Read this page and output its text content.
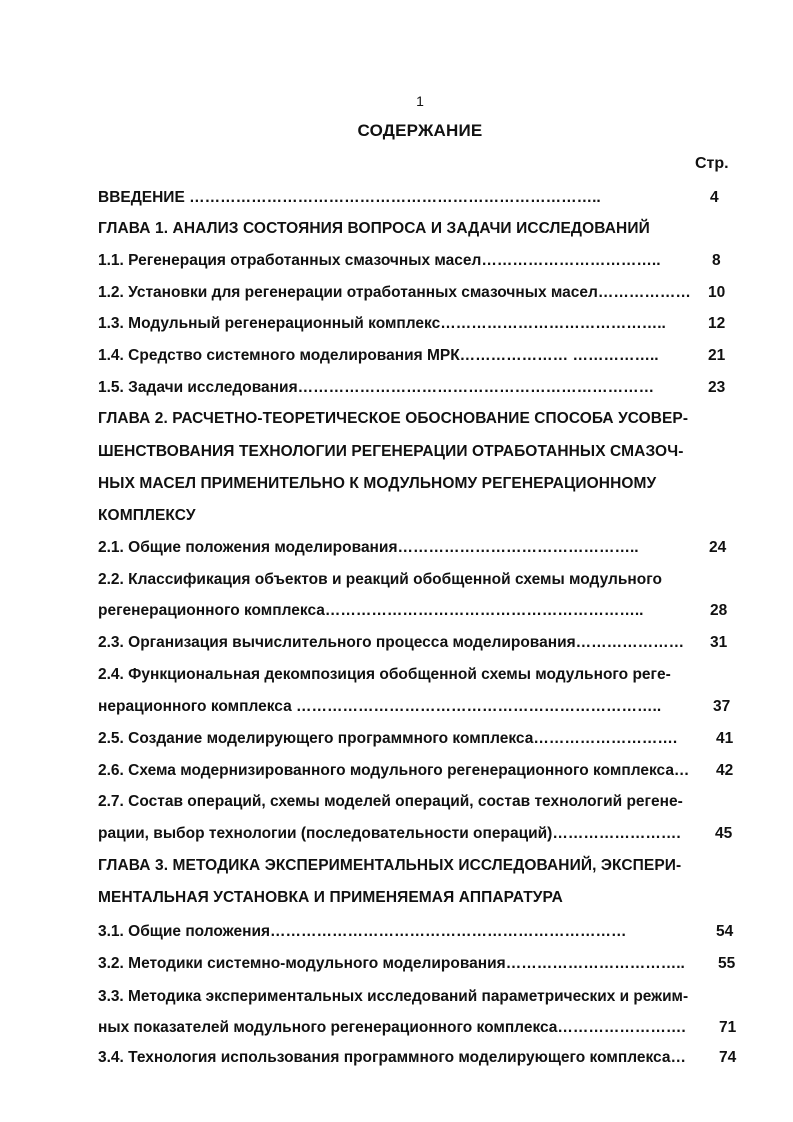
1
СОДЕРЖАНИЕ
Стр.
ВВЕДЕНИЕ ……………………………………………………………………..	4
ГЛАВА 1. АНАЛИЗ СОСТОЯНИЯ ВОПРОСА И ЗАДАЧИ ИССЛЕДОВАНИЙ
1.1. Регенерация отработанных смазочных масел……………………………..	8
1.2. Установки для регенерации отработанных смазочных масел……………… 10
1.3. Модульный регенерационный комплекс……………………………………..	12
1.4. Средство системного моделирования МРК………………… ……………..	21
1.5. Задачи исследования……………………………………………………………	23
ГЛАВА 2. РАСЧЕТНО-ТЕОРЕТИЧЕСКОЕ ОБОСНОВАНИЕ СПОСОБА УСОВЕР-
ШЕНСТВОВАНИЯ ТЕХНОЛОГИИ РЕГЕНЕРАЦИИ ОТРАБОТАННЫХ СМАЗОЧ-
НЫХ МАСЕЛ ПРИМЕНИТЕЛЬНО К МОДУЛЬНОМУ РЕГЕНЕРАЦИОННОМУ
КОМПЛЕКСУ
2.1. Общие положения моделирования………………………………………..	24
2.2. Классификация объектов и реакций обобщенной схемы модульного
регенерационного комплекса……………………………………………………..	28
2.3. Организация вычислительного процесса моделирования………………… 31
2.4. Функциональная декомпозиция обобщенной схемы модульного реге-
нерационного комплекса ……………………………………………………………..	37
2.5. Создание моделирующего программного комплекса……………………….	41
2.6. Схема модернизированного модульного регенерационного комплекса… 42
2.7. Состав операций, схемы моделей операций, состав технологий регене-
рации, выбор технологии (последовательности операций)……………………. 45
ГЛАВА 3. МЕТОДИКА ЭКСПЕРИМЕНТАЛЬНЫХ ИССЛЕДОВАНИЙ, ЭКСПЕРИ-
МЕНТАЛЬНАЯ УСТАНОВКА И ПРИМЕНЯЕМАЯ АППАРАТУРА
3.1. Общие положения……………………………………………………………	54
3.2. Методики системно-модульного моделирования…………………………….. 55
3.3. Методика экспериментальных исследований параметрических и режим-
ных показателей модульного регенерационного комплекса……………………. 71
3.4. Технология использования программного моделирующего комплекса… 74
